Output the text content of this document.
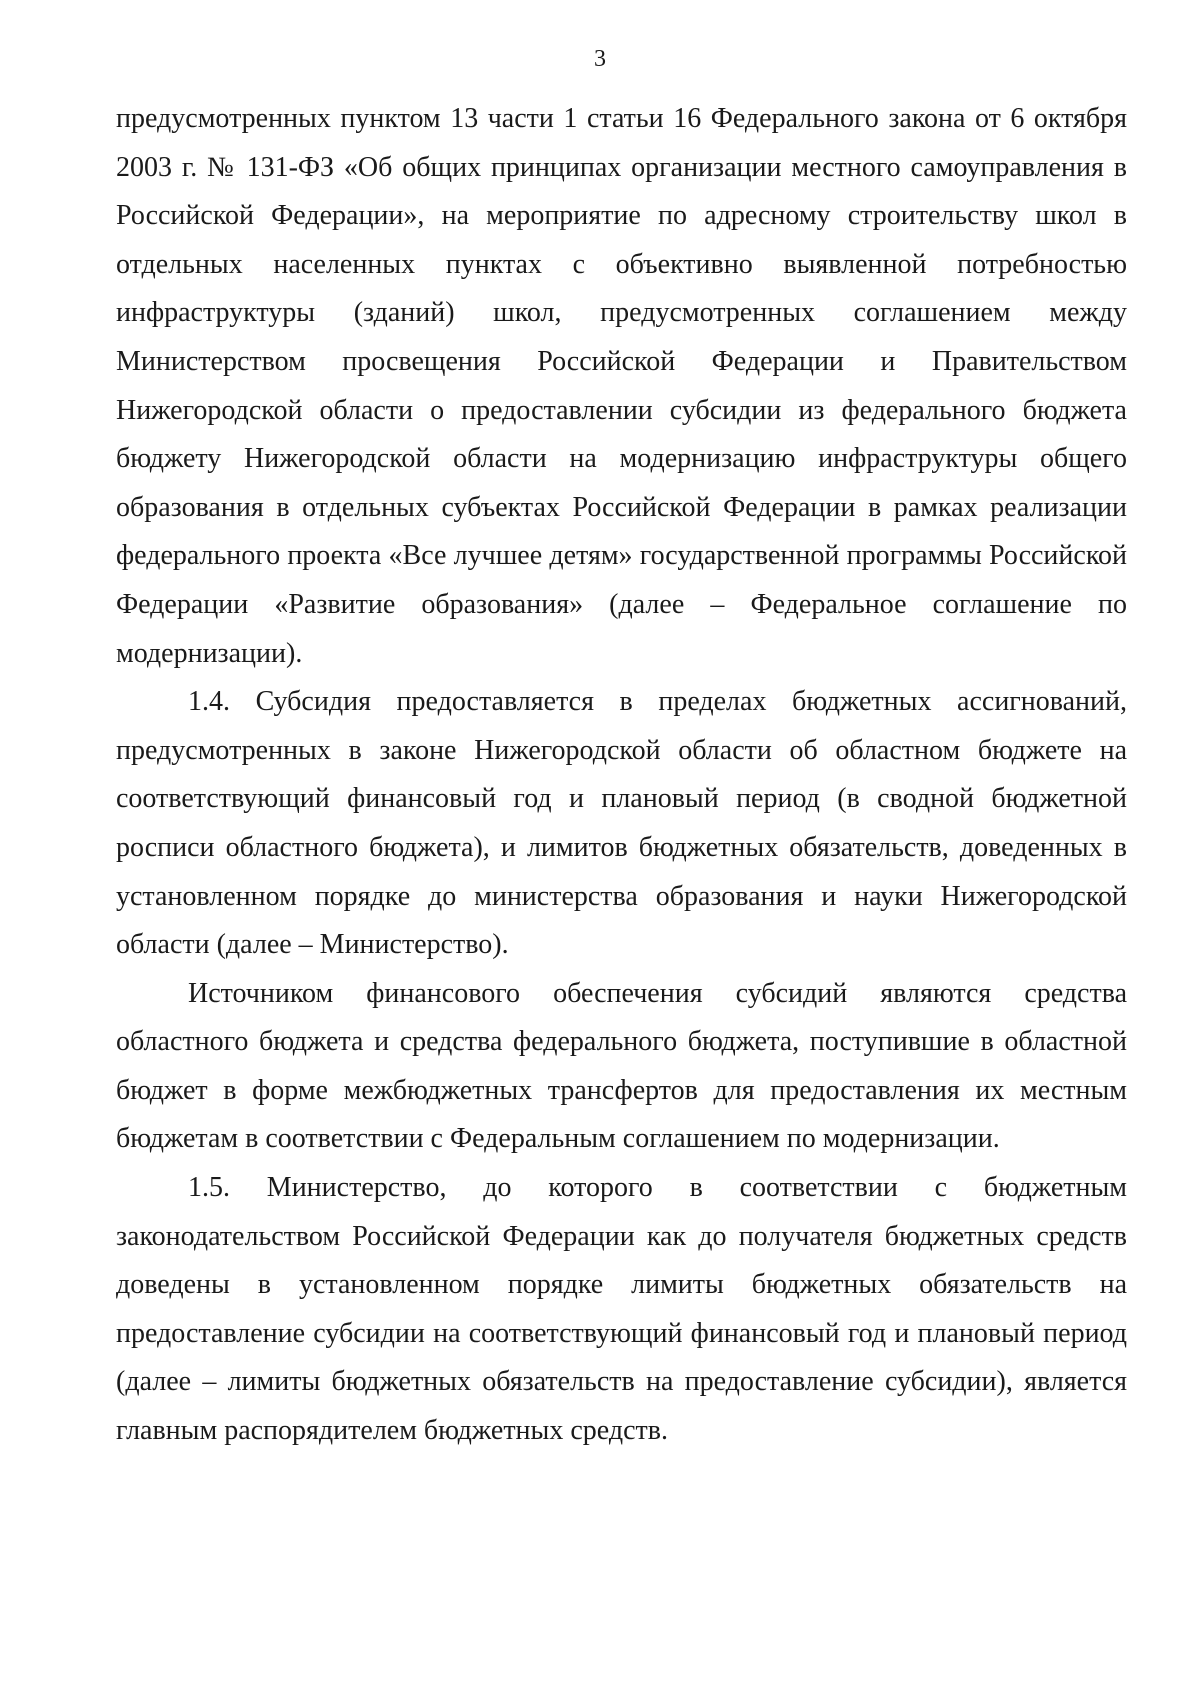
3

предусмотренных пунктом 13 части 1 статьи 16 Федерального закона от 6 октября 2003 г. № 131-ФЗ «Об общих принципах организации местного самоуправления в Российской Федерации», на мероприятие по адресному строительству школ в отдельных населенных пунктах с объективно выявленной потребностью инфраструктуры (зданий) школ, предусмотренных соглашением между Министерством просвещения Российской Федерации и Правительством Нижегородской области о предоставлении субсидии из федерального бюджета бюджету Нижегородской области на модернизацию инфраструктуры общего образования в отдельных субъектах Российской Федерации в рамках реализации федерального проекта «Все лучшее детям» государственной программы Российской Федерации «Развитие образования» (далее – Федеральное соглашение по модернизации).

1.4. Субсидия предоставляется в пределах бюджетных ассигнований, предусмотренных в законе Нижегородской области об областном бюджете на соответствующий финансовый год и плановый период (в сводной бюджетной росписи областного бюджета), и лимитов бюджетных обязательств, доведенных в установленном порядке до министерства образования и науки Нижегородской области (далее – Министерство).

Источником финансового обеспечения субсидий являются средства областного бюджета и средства федерального бюджета, поступившие в областной бюджет в форме межбюджетных трансфертов для предоставления их местным бюджетам в соответствии с Федеральным соглашением по модернизации.

1.5. Министерство, до которого в соответствии с бюджетным законодательством Российской Федерации как до получателя бюджетных средств доведены в установленном порядке лимиты бюджетных обязательств на предоставление субсидии на соответствующий финансовый год и плановый период (далее – лимиты бюджетных обязательств на предоставление субсидии), является главным распорядителем бюджетных средств.
